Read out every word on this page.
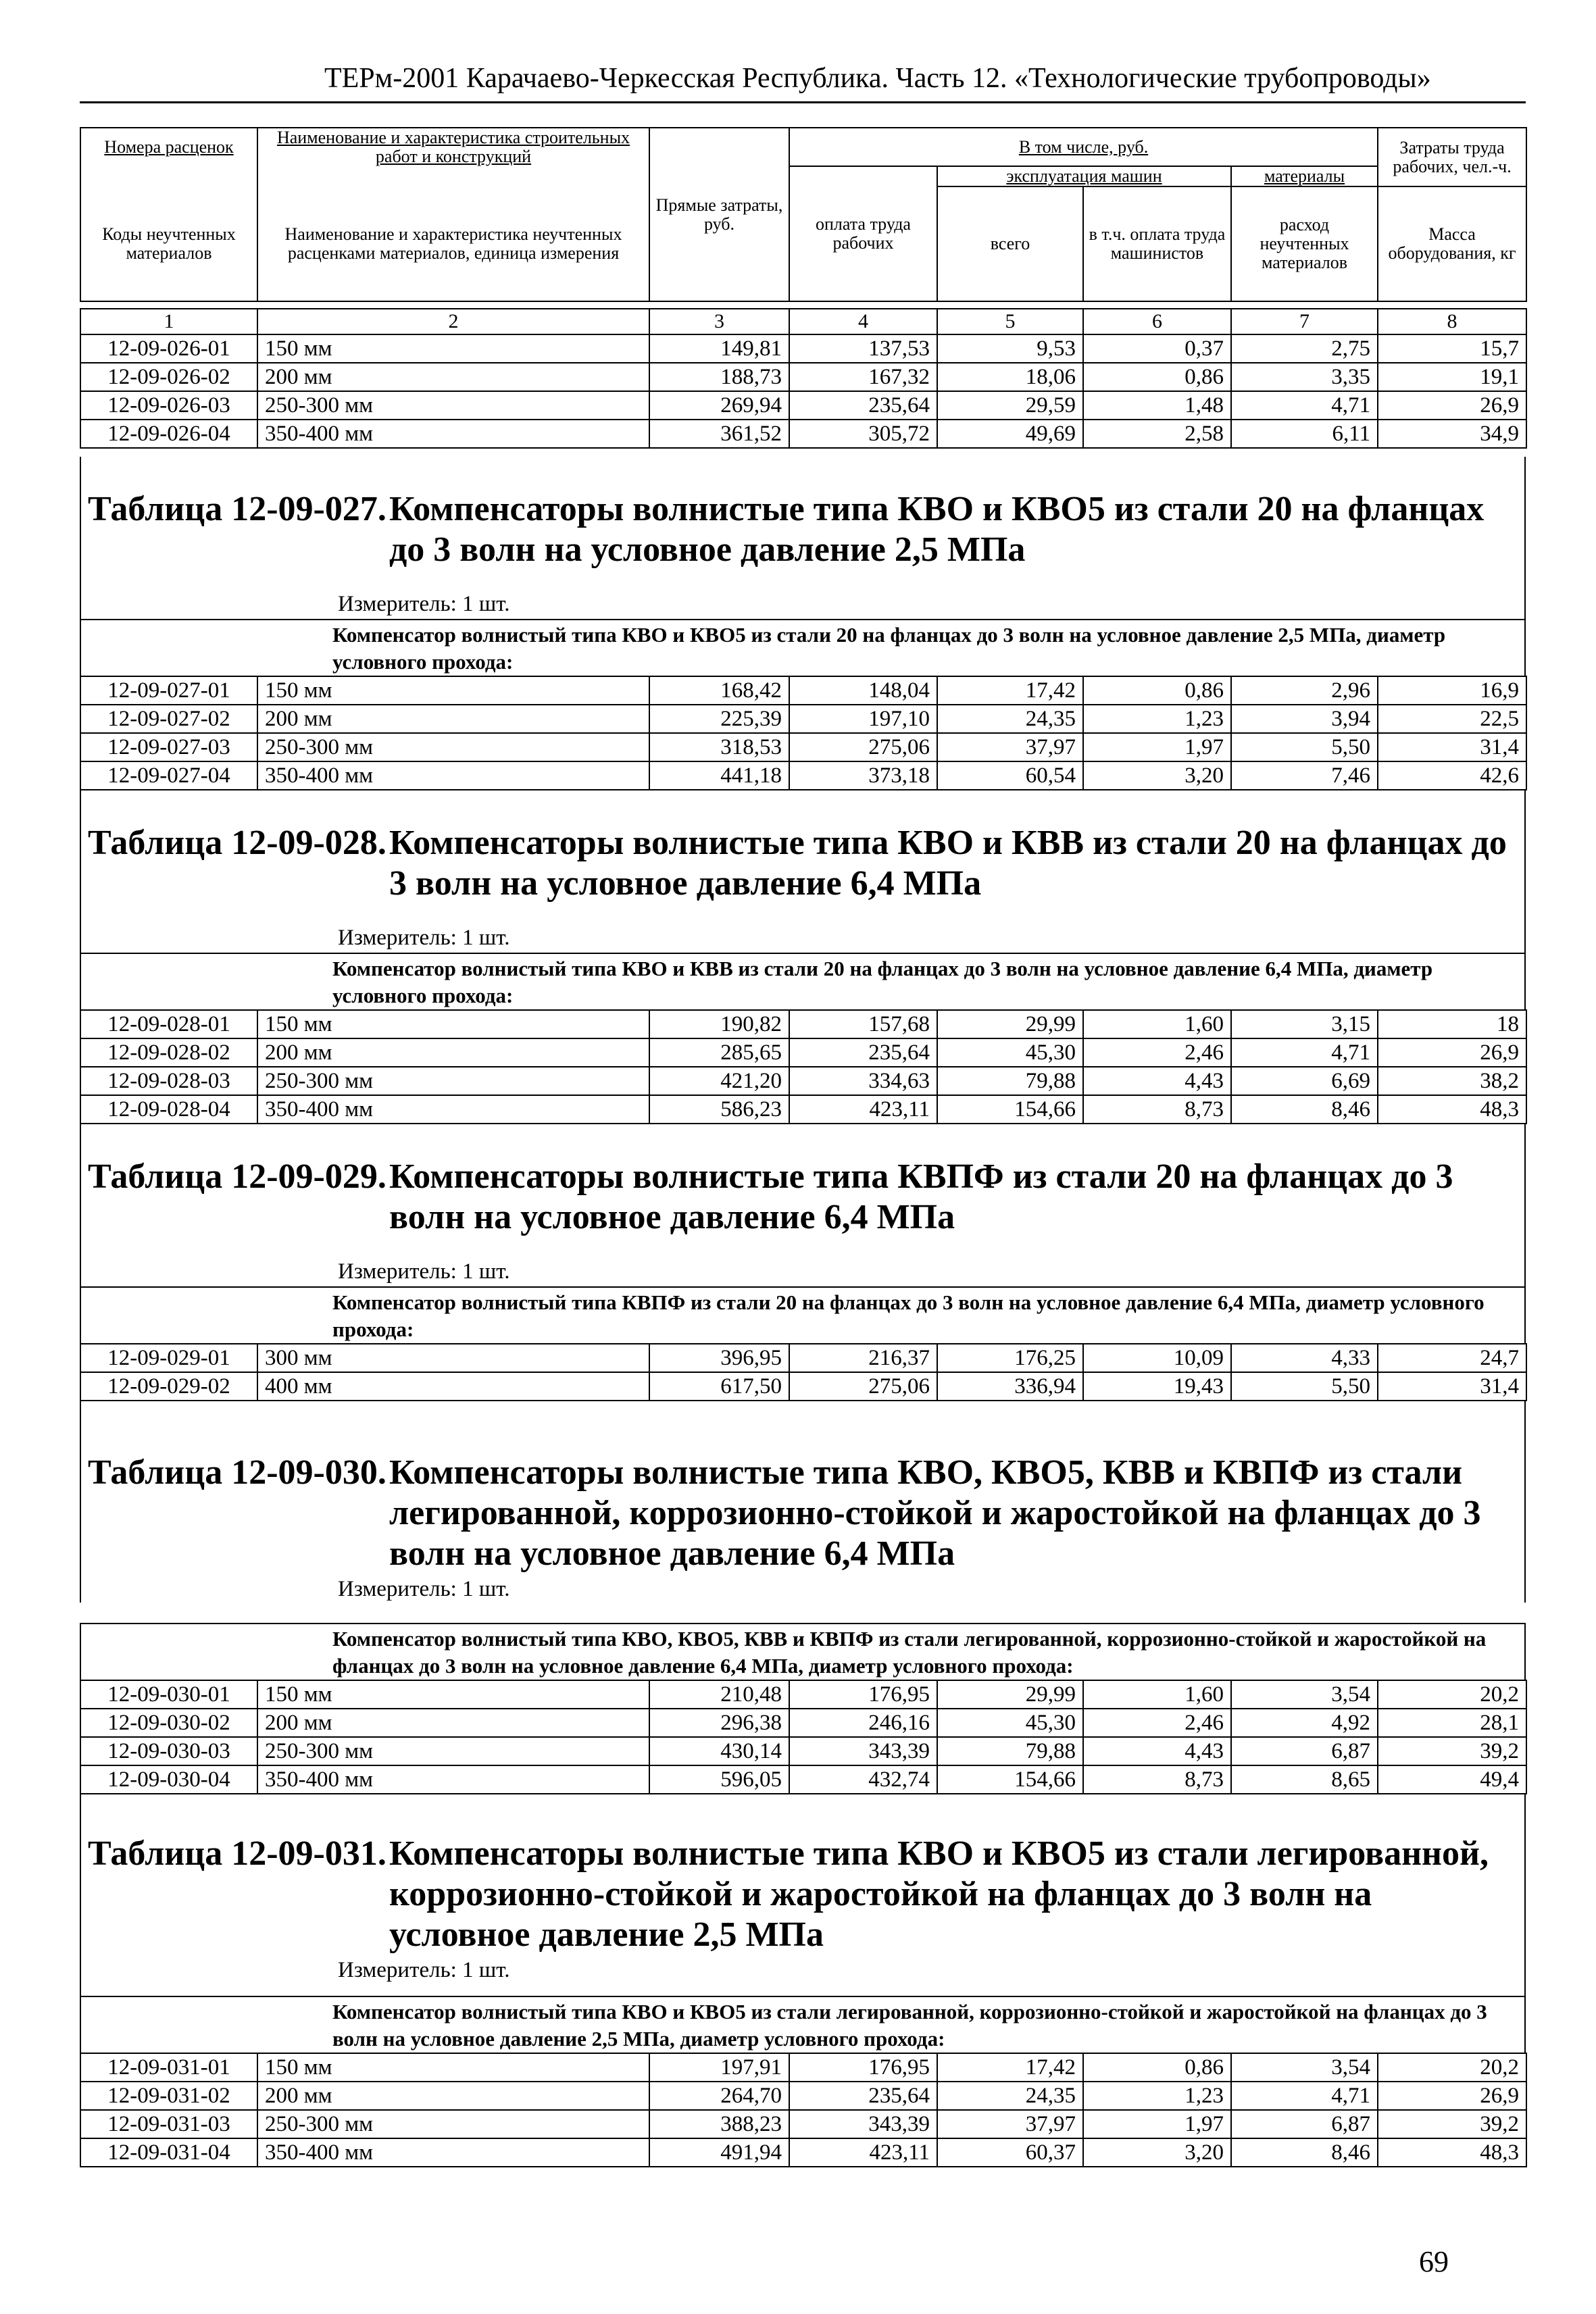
ТЕРм-2001 Карачаево-Черкесская Республика. Часть 12. «Технологические трубопроводы»
Номера расценок	Наименование и характеристика строительных работ и конструкций	Прямые затраты, руб.	В том числе, руб.				Затраты труда рабочих, чел.-ч.
			оплата труда рабочих	эксплуатация машин		материалы	
Коды неучтенных материалов	Наименование и характеристика неучтенных расценками материалов, единица измерения			всего	в т.ч. оплата труда машинистов	расход неучтенных материалов	Масса оборудования, кг
1	2	3	4	5	6	7	8
12-09-026-01	150 мм	149,81	137,53	9,53	0,37	2,75	15,7
12-09-026-02	200 мм	188,73	167,32	18,06	0,86	3,35	19,1
12-09-026-03	250-300 мм	269,94	235,64	29,59	1,48	4,71	26,9
12-09-026-04	350-400 мм	361,52	305,72	49,69	2,58	6,11	34,9
Таблица 12-09-027. Компенсаторы волнистые типа КВО и КВО5 из стали 20 на фланцах до 3 волн на условное давление 2,5 МПа
Измеритель: 1 шт.
Компенсатор волнистый типа КВО и КВО5 из стали 20 на фланцах до 3 волн на условное давление 2,5 МПа, диаметр условного прохода:
12-09-027-01	150 мм	168,42	148,04	17,42	0,86	2,96	16,9
12-09-027-02	200 мм	225,39	197,10	24,35	1,23	3,94	22,5
12-09-027-03	250-300 мм	318,53	275,06	37,97	1,97	5,50	31,4
12-09-027-04	350-400 мм	441,18	373,18	60,54	3,20	7,46	42,6
Таблица 12-09-028. Компенсаторы волнистые типа КВО и КВВ из стали 20 на фланцах до 3 волн на условное давление 6,4 МПа
Измеритель: 1 шт.
Компенсатор волнистый типа КВО и КВВ из стали 20 на фланцах до 3 волн на условное давление 6,4 МПа, диаметр условного прохода:
12-09-028-01	150 мм	190,82	157,68	29,99	1,60	3,15	18
12-09-028-02	200 мм	285,65	235,64	45,30	2,46	4,71	26,9
12-09-028-03	250-300 мм	421,20	334,63	79,88	4,43	6,69	38,2
12-09-028-04	350-400 мм	586,23	423,11	154,66	8,73	8,46	48,3
Таблица 12-09-029. Компенсаторы волнистые типа КВПФ из стали 20 на фланцах до 3 волн на условное давление 6,4 МПа
Измеритель: 1 шт.
Компенсатор волнистый типа КВПФ из стали 20 на фланцах до 3 волн на условное давление 6,4 МПа, диаметр условного прохода:
12-09-029-01	300 мм	396,95	216,37	176,25	10,09	4,33	24,7
12-09-029-02	400 мм	617,50	275,06	336,94	19,43	5,50	31,4
Таблица 12-09-030. Компенсаторы волнистые типа КВО, КВО5, КВВ и КВПФ из стали легированной, коррозионно-стойкой и жаростойкой на фланцах до 3 волн на условное давление 6,4 МПа
Измеритель: 1 шт.
Компенсатор волнистый типа КВО, КВО5, КВВ и КВПФ из стали легированной, коррозионно-стойкой и жаростойкой на фланцах до 3 волн на условное давление 6,4 МПа, диаметр условного прохода:
12-09-030-01	150 мм	210,48	176,95	29,99	1,60	3,54	20,2
12-09-030-02	200 мм	296,38	246,16	45,30	2,46	4,92	28,1
12-09-030-03	250-300 мм	430,14	343,39	79,88	4,43	6,87	39,2
12-09-030-04	350-400 мм	596,05	432,74	154,66	8,73	8,65	49,4
Таблица 12-09-031. Компенсаторы волнистые типа КВО и КВО5 из стали легированной, коррозионно-стойкой и жаростойкой на фланцах до 3 волн на условное давление 2,5 МПа
Измеритель: 1 шт.
Компенсатор волнистый типа КВО и КВО5 из стали легированной, коррозионно-стойкой и жаростойкой на фланцах до 3 волн на условное давление 2,5 МПа, диаметр условного прохода:
12-09-031-01	150 мм	197,91	176,95	17,42	0,86	3,54	20,2
12-09-031-02	200 мм	264,70	235,64	24,35	1,23	4,71	26,9
12-09-031-03	250-300 мм	388,23	343,39	37,97	1,97	6,87	39,2
12-09-031-04	350-400 мм	491,94	423,11	60,37	3,20	8,46	48,3
69
